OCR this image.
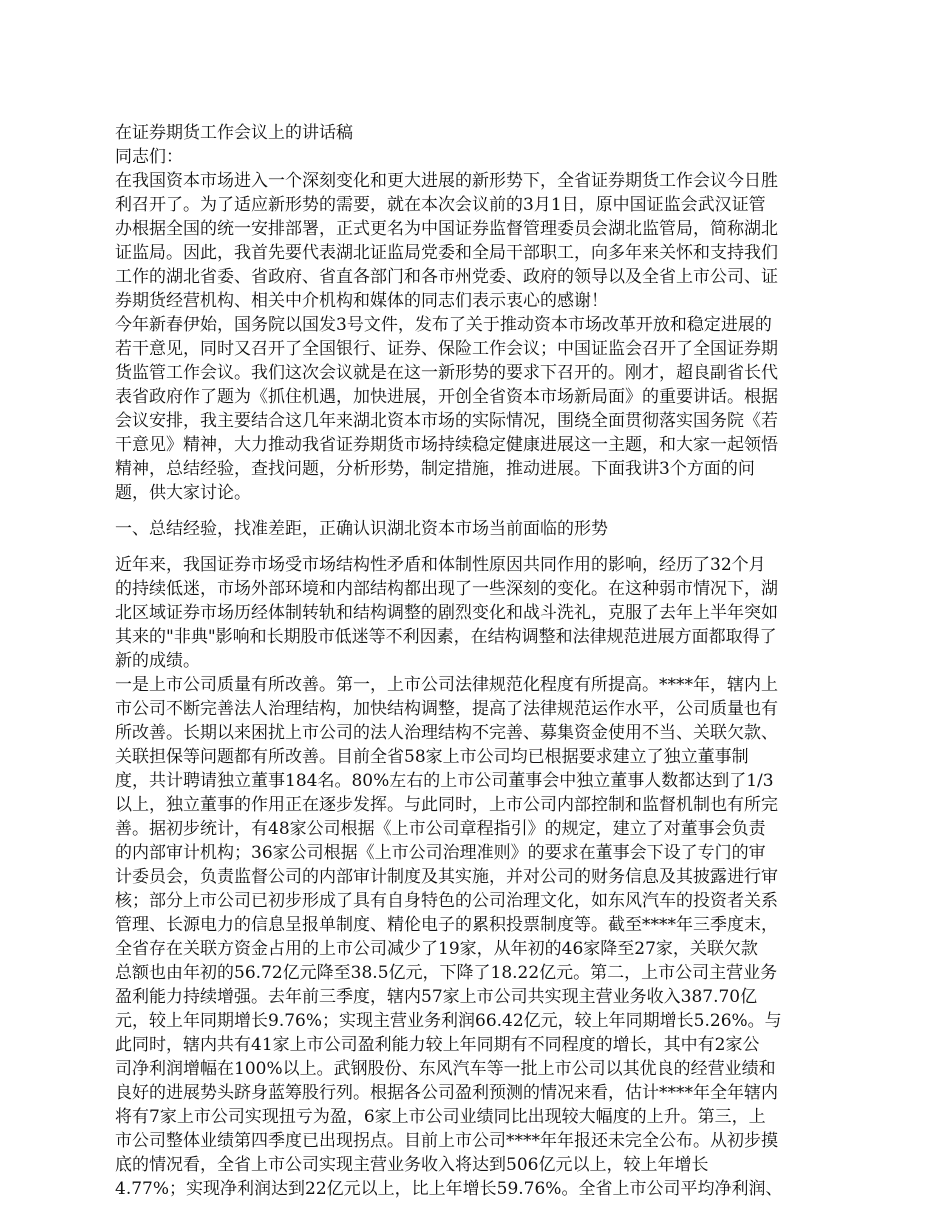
在证券期货工作会议上的讲话稿
同志们：
在我国资本市场进入一个深刻变化和更大进展的新形势下，全省证券期货工作会议今日胜
利召开了。为了适应新形势的需要，就在本次会议前的3月1日，原中国证监会武汉证管
办根据全国的统一安排部署，正式更名为中国证券监督管理委员会湖北监管局，简称湖北
证监局。因此，我首先要代表湖北证监局党委和全局干部职工，向多年来关怀和支持我们
工作的湖北省委、省政府、省直各部门和各市州党委、政府的领导以及全省上市公司、证
券期货经营机构、相关中介机构和媒体的同志们表示衷心的感谢！
今年新春伊始，国务院以国发3号文件，发布了关于推动资本市场改革开放和稳定进展的
若干意见，同时又召开了全国银行、证券、保险工作会议；中国证监会召开了全国证券期
货监管工作会议。我们这次会议就是在这一新形势的要求下召开的。刚才，超良副省长代
表省政府作了题为《抓住机遇，加快进展，开创全省资本市场新局面》的重要讲话。根据
会议安排，我主要结合这几年来湖北资本市场的实际情况，围绕全面贯彻落实国务院《若
干意见》精神，大力推动我省证券期货市场持续稳定健康进展这一主题，和大家一起领悟
精神，总结经验，查找问题，分析形势，制定措施，推动进展。下面我讲3个方面的问
题，供大家讨论。
一、总结经验，找准差距，正确认识湖北资本市场当前面临的形势
近年来，我国证券市场受市场结构性矛盾和体制性原因共同作用的影响，经历了32个月
的持续低迷，市场外部环境和内部结构都出现了一些深刻的变化。在这种弱市情况下，湖
北区域证券市场历经体制转轨和结构调整的剧烈变化和战斗洗礼，克服了去年上半年突如
其来的"非典"影响和长期股市低迷等不利因素，在结构调整和法律规范进展方面都取得了
新的成绩。
一是上市公司质量有所改善。第一，上市公司法律规范化程度有所提高。****年，辖内上
市公司不断完善法人治理结构，加快结构调整，提高了法律规范运作水平，公司质量也有
所改善。长期以来困扰上市公司的法人治理结构不完善、募集资金使用不当、关联欠款、
关联担保等问题都有所改善。目前全省58家上市公司均已根据要求建立了独立董事制
度，共计聘请独立董事184名。80%左右的上市公司董事会中独立董事人数都达到了1/3
以上，独立董事的作用正在逐步发挥。与此同时，上市公司内部控制和监督机制也有所完
善。据初步统计，有48家公司根据《上市公司章程指引》的规定，建立了对董事会负责
的内部审计机构；36家公司根据《上市公司治理准则》的要求在董事会下设了专门的审
计委员会，负责监督公司的内部审计制度及其实施，并对公司的财务信息及其披露进行审
核；部分上市公司已初步形成了具有自身特色的公司治理文化，如东风汽车的投资者关系
管理、长源电力的信息呈报单制度、精伦电子的累积投票制度等。截至****年三季度末，
全省存在关联方资金占用的上市公司减少了19家，从年初的46家降至27家，关联欠款
总额也由年初的56.72亿元降至38.5亿元，下降了18.22亿元。第二，上市公司主营业务
盈利能力持续增强。去年前三季度，辖内57家上市公司共实现主营业务收入387.70亿
元，较上年同期增长9.76%；实现主营业务利润66.42亿元，较上年同期增长5.26%。与
此同时，辖内共有41家上市公司盈利能力较上年同期有不同程度的增长，其中有2家公
司净利润增幅在100%以上。武钢股份、东风汽车等一批上市公司以其优良的经营业绩和
良好的进展势头跻身蓝筹股行列。根据各公司盈利预测的情况来看，估计****年全年辖内
将有7家上市公司实现扭亏为盈，6家上市公司业绩同比出现较大幅度的上升。第三，上
市公司整体业绩第四季度已出现拐点。目前上市公司****年年报还未完全公布。从初步摸
底的情况看，全省上市公司实现主营业务收入将达到506亿元以上，较上年增长
4.77%；实现净利润达到22亿元以上，比上年增长59.76%。全省上市公司平均净利润、
